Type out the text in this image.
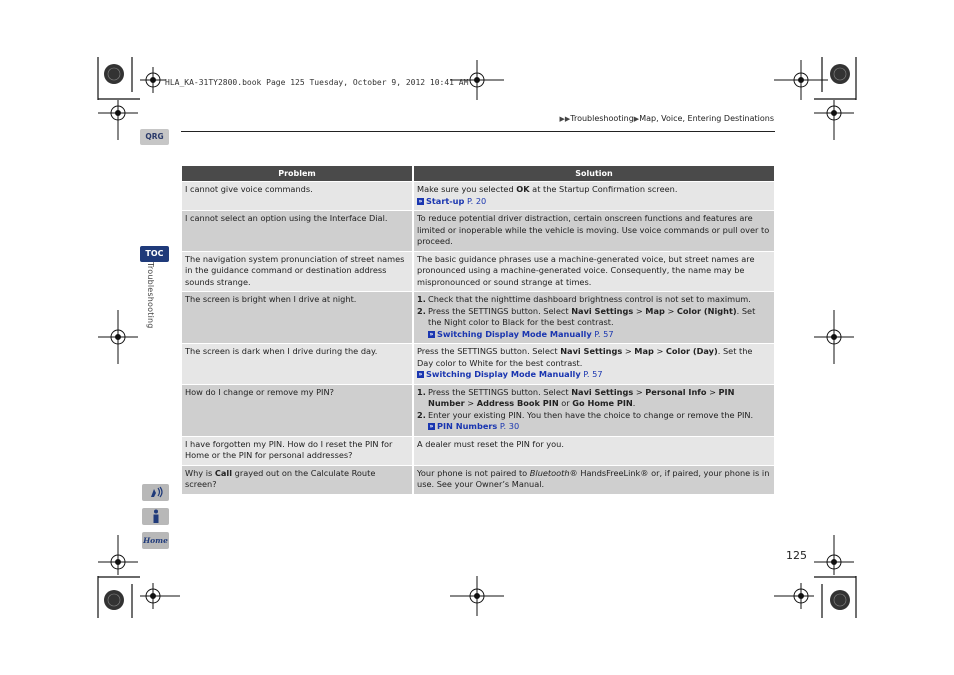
HLA_KA-31TY2800.book Page 125 Tuesday, October 9, 2012 10:41 AM
▶▶Troubleshooting▶Map, Voice, Entering Destinations
QRG
TOC
Troubleshooting
Home
Problem	Solution
I cannot give voice commands.	Make sure you selected OK at the Startup Confirmation screen.
» Start-up P. 20
I cannot select an option using the Interface Dial.	To reduce potential driver distraction, certain onscreen functions and features are limited or inoperable while the vehicle is moving. Use voice commands or pull over to proceed.
The navigation system pronunciation of street names in the guidance command or destination address sounds strange.	The basic guidance phrases use a machine-generated voice, but street names are pronounced using a machine-generated voice. Consequently, the name may be mispronounced or sound strange at times.
The screen is bright when I drive at night.	1. Check that the nighttime dashboard brightness control is not set to maximum.
2. Press the SETTINGS button. Select Navi Settings > Map > Color (Night). Set the Night color to Black for the best contrast.
» Switching Display Mode Manually P. 57

The screen is dark when I drive during the day.	Press the SETTINGS button. Select Navi Settings > Map > Color (Day). Set the Day color to White for the best contrast.
» Switching Display Mode Manually P. 57
How do I change or remove my PIN?	1. Press the SETTINGS button. Select Navi Settings > Personal Info > PIN Number > Address Book PIN or Go Home PIN.
2. Enter your existing PIN. You then have the choice to change or remove the PIN.
» PIN Numbers P. 30

I have forgotten my PIN. How do I reset the PIN for Home or the PIN for personal addresses?	A dealer must reset the PIN for you.
Why is Call grayed out on the Calculate Route screen?	Your phone is not paired to Bluetooth® HandsFreeLink® or, if paired, your phone is in use. See your Owner’s Manual.
125
